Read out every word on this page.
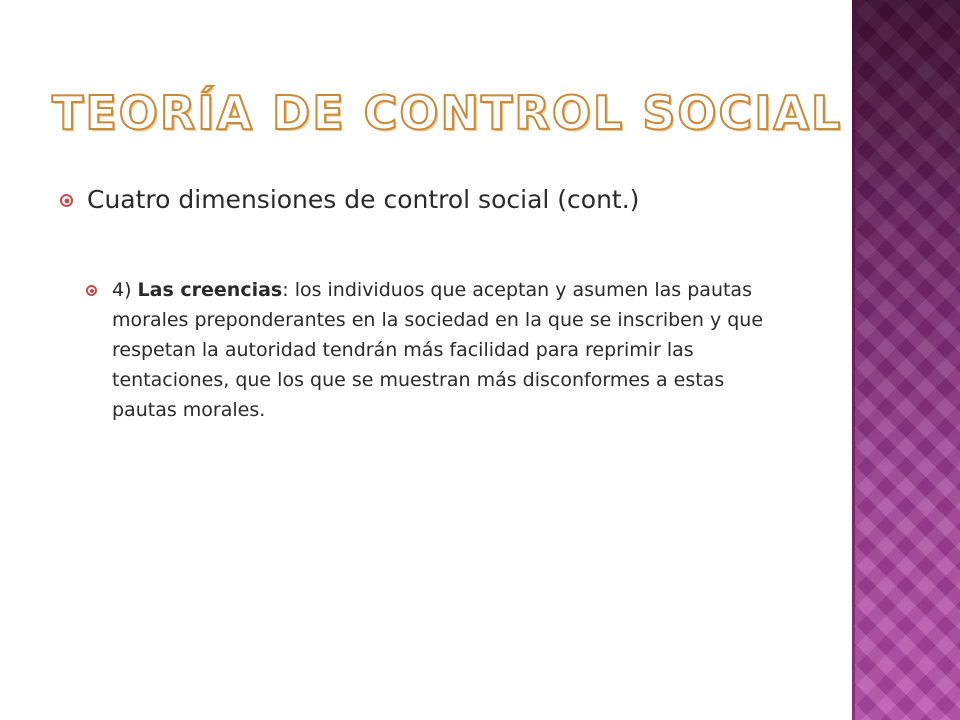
TEORÍA DE CONTROL SOCIAL
Cuatro dimensiones de control social (cont.)
4) Las creencias: los individuos que aceptan y asumen las pautas morales preponderantes en la sociedad en la que se inscriben y que respetan la autoridad tendrán más facilidad para reprimir las tentaciones, que los que se muestran más disconformes a estas pautas morales.
